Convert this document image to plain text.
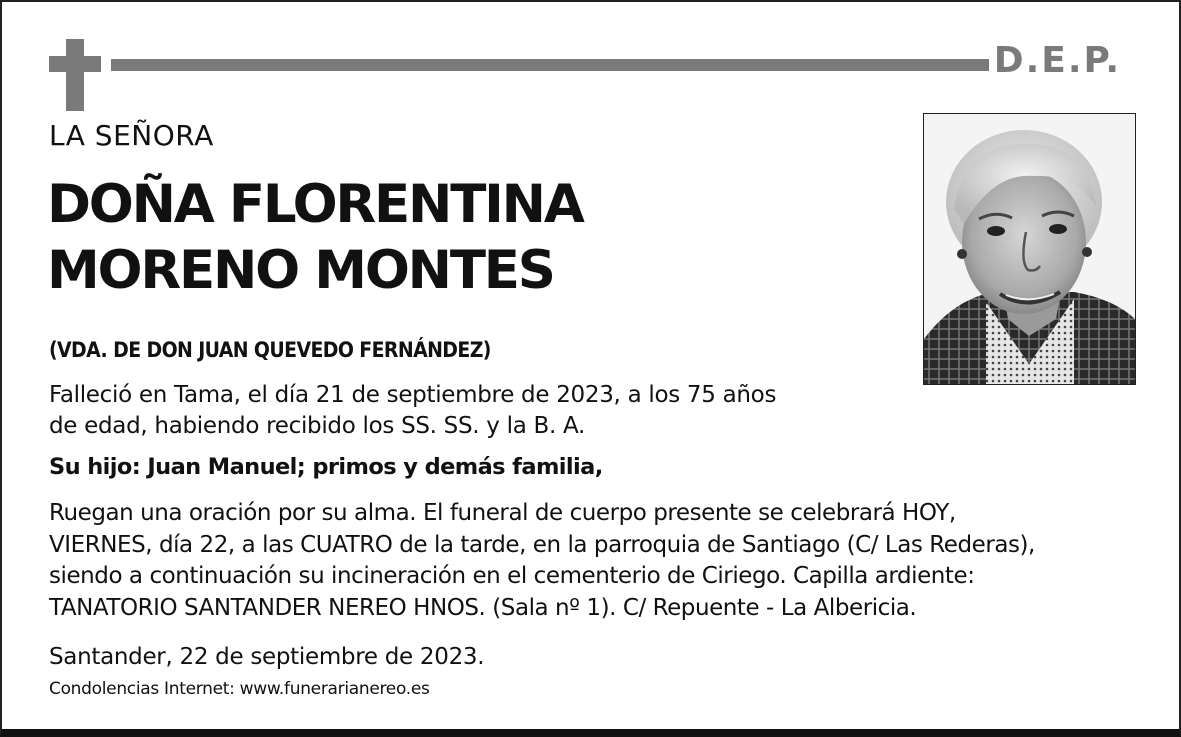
D.E.P.
LA SEÑORA
DOÑA FLORENTINA
MORENO MONTES
(VDA. DE DON JUAN QUEVEDO FERNÁNDEZ)
Falleció en Tama, el día 21 de septiembre de 2023, a los 75 años
de edad, habiendo recibido los SS. SS. y la B. A.
Su hijo: Juan Manuel; primos y demás familia,
Ruegan una oración por su alma. El funeral de cuerpo presente se celebrará HOY,
VIERNES, día 22, a las CUATRO de la tarde, en la parroquia de Santiago (C/ Las Rederas),
siendo a continuación su incineración en el cementerio de Ciriego. Capilla ardiente:
TANATORIO SANTANDER NEREO HNOS. (Sala nº 1). C/ Repuente - La Albericia.
Santander, 22 de septiembre de 2023.
Condolencias Internet: www.funerarianereo.es
